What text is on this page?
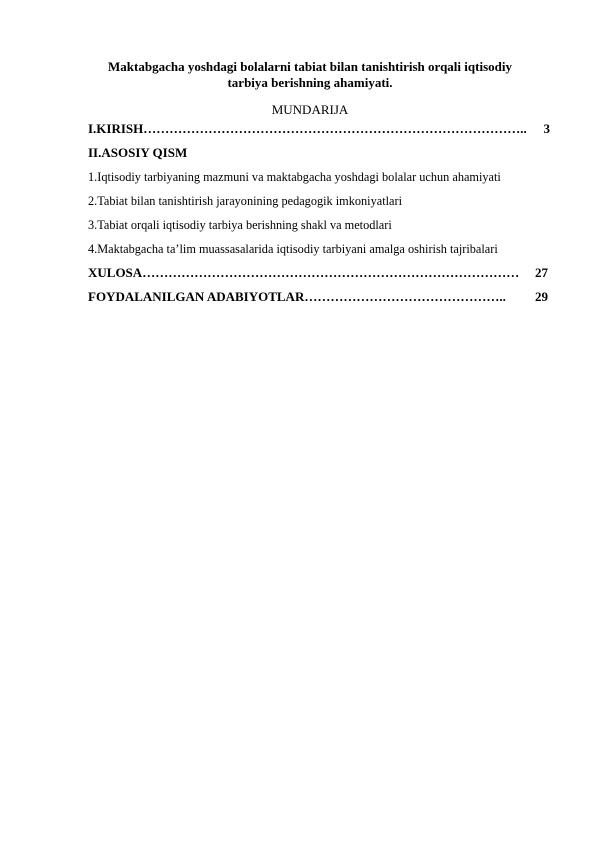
Maktabgacha yoshdagi bolalarni tabiat bilan tanishtirish orqali iqtisodiy

tarbiya berishning ahamiyati.

MUNDARIJA

I.KIRISH ……………………………………………………………………………..	3

II.ASOSIY QISM

1.Iqtisodiy tarbiyaning mazmuni va maktabgacha yoshdagi bolalar uchun ahamiyati

2.Tabiat bilan tanishtirish jarayonining pedagogik imkoniyatlari

3.Tabiat orqali iqtisodiy tarbiya berishning shakl va metodlari

4.Maktabgacha ta’lim muassasalarida iqtisodiy tarbiyani amalga oshirish tajribalari

XULOSA ……………………………………………………………………………	27
FOYDALANILGAN ADABIYOTLAR ………………………………………..	29
